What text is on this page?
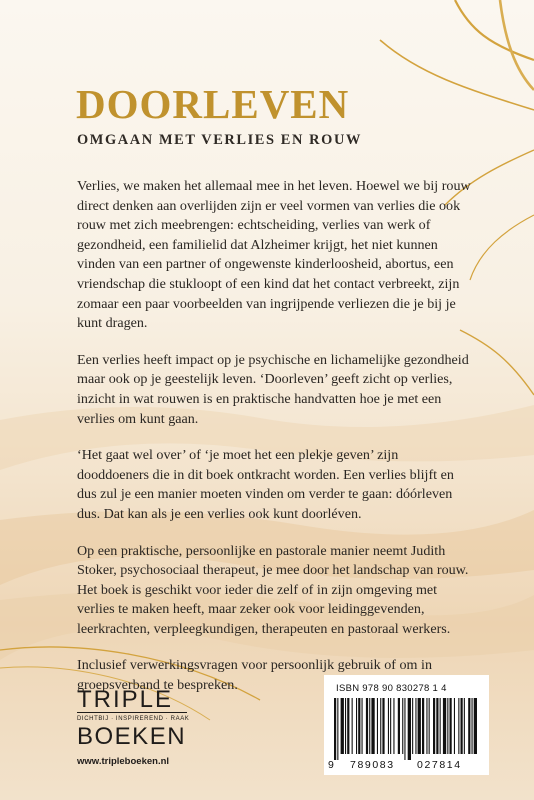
DOORLEVEN
OMGAAN MET VERLIES EN ROUW

Verlies, we maken het allemaal mee in het leven. Hoewel we bij rouw direct denken aan overlijden zijn er veel vormen van verlies die ook rouw met zich meebrengen: echtscheiding, verlies van werk of gezondheid, een familielid dat Alzheimer krijgt, het niet kunnen vinden van een partner of ongewenste kinderloosheid, abortus, een vriendschap die stukloopt of een kind dat het contact verbreekt, zijn zomaar een paar voorbeelden van ingrijpende verliezen die je bij je kunt dragen.

Een verlies heeft impact op je psychische en lichamelijke gezondheid maar ook op je geestelijk leven. ‘Doorleven’ geeft zicht op verlies, inzicht in wat rouwen is en praktische handvatten hoe je met een verlies om kunt gaan.

‘Het gaat wel over’ of ‘je moet het een plekje geven’ zijn dooddoeners die in dit boek ontkracht worden. Een verlies blijft en dus zul je een manier moeten vinden om verder te gaan: dóórleven dus. Dat kan als je een verlies ook kunt doorléven.

Op een praktische, persoonlijke en pastorale manier neemt Judith Stoker, psychosociaal therapeut, je mee door het landschap van rouw. Het boek is geschikt voor ieder die zelf of in zijn omgeving met verlies te maken heeft, maar zeker ook voor leidinggevenden, leerkrachten, verpleegkundigen, therapeuten en pastoraal werkers.

Inclusief verwerkingsvragen voor persoonlijk gebruik of om in groepsverband te bespreken.

TRIPLE
DICHTBIJ · INSPIREREND · RAAK
BOEKEN
www.tripleboeken.nl
ISBN 978 90 830278 1 4
9 789083 027814
